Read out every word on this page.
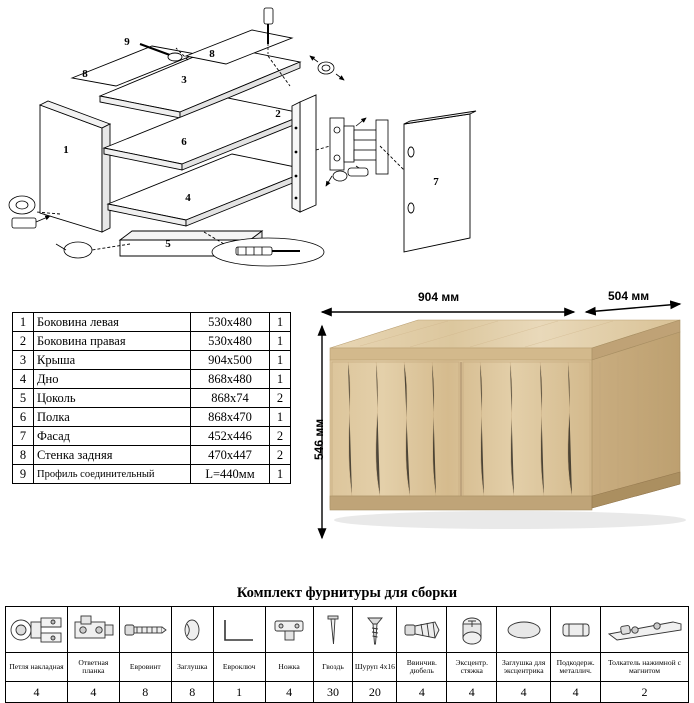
1
2
3
4
5
6
7
8
8
9
1	Боковина левая	530х480	1
2	Боковина правая	530х480	1
3	Крыша	904х500	1
4	Дно	868х480	1
5	Цоколь	868х74	2
6	Полка	868х470	1
7	Фасад	452х446	2
8	Стенка задняя	470х447	2
9	Профиль соединительный	L=440мм	1
904 мм	504 мм
546 мм
Комплект фурнитуры для сборки

Петля накладная	Ответная планка	Евровинт	Заглушка	Евроключ	Ножка	Гвоздь	Шуруп 4х16	Ввинчив. дюбель	Эксцентр. стяжка	Заглушка для эксцентрика	Подкодерж. металлич.	Толкатель нажимной с магнитом
4	4	8	8	1	4	30	20	4	4	4	4	2
